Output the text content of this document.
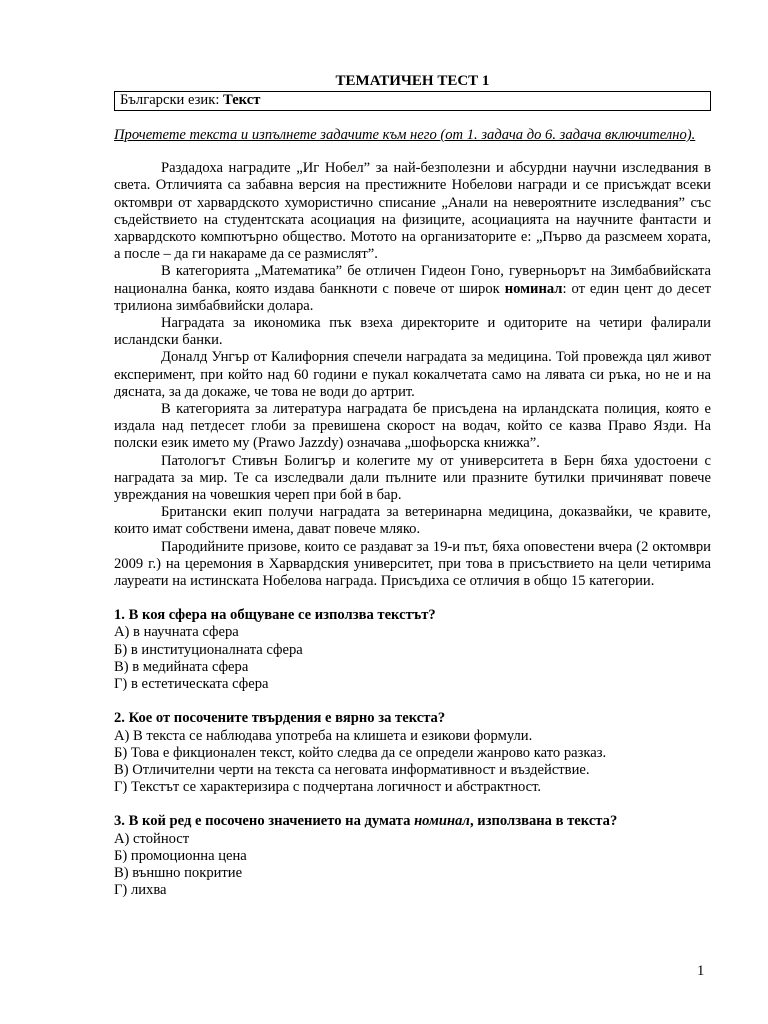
ТЕМАТИЧЕН ТЕСТ 1
Български език: Текст
Прочетете текста и изпълнете задачите към него (от 1. задача до 6. задача включително).

Раздадоха наградите „Иг Нобел” за най-безполезни и абсурдни научни изследвания в света. Отличията са забавна версия на престижните Нобелови награди и се присъждат всеки октомври от харвардското хумористично списание „Анали на невероятните изследвания” със съдействието на студентската асоциация на физиците, асоциацията на научните фантасти и харвардското компютърно общество. Мотото на организаторите е: „Първо да разсмеем хората, а после – да ги накараме да се размислят”.

В категорията „Математика” бе отличен Гидеон Гоно, гуверньорът на Зимбабвийската национална банка, която издава банкноти с повече от широк номинал: от един цент до десет трилиона зимбабвийски долара.

Наградата за икономика пък взеха директорите и одиторите на четири фалирали исландски банки.

Доналд Унгър от Калифорния спечели наградата за медицина. Той провежда цял живот експеримент, при който над 60 години е пукал кокалчетата само на лявата си ръка, но не и на дясната, за да докаже, че това не води до артрит.

В категорията за литература наградата бе присъдена на ирландската полиция, която е издала над петдесет глоби за превишена скорост на водач, който се казва Право Язди. На полски език името му (Prawo Jazzdy) означава „шофьорска книжка”.

Патологът Стивън Болигър и колегите му от университета в Берн бяха удостоени с наградата за мир. Те са изследвали дали пълните или празните бутилки причиняват повече увреждания на човешкия череп при бой в бар.

Британски екип получи наградата за ветеринарна медицина, доказвайки, че кравите, които имат собствени имена, дават повече мляко.

Пародийните призове, които се раздават за 19-и път, бяха оповестени вчера (2 октомври 2009 г.) на церемония в Харвардския университет, при това в присъствието на цели четирима лауреати на истинската Нобелова награда. Присъдиха се отличия в общо 15 категории.

1. В коя сфера на общуване се използва текстът?

А) в научната сфера

Б) в институционалната сфера

В) в медийната сфера

Г) в естетическата сфера

2. Кое от посочените твърдения е вярно за текста?

А) В текста се наблюдава употреба на клишета и езикови формули.

Б) Това е фикционален текст, който следва да се определи жанрово като разказ.

В) Отличителни черти на текста са неговата информативност и въздействие.

Г) Текстът се характеризира с подчертана логичност и абстрактност.

3. В кой ред е посочено значението на думата номинал, използвана в текста?

А) стойност

Б) промоционна цена

В) външно покритие

Г) лихва

1
